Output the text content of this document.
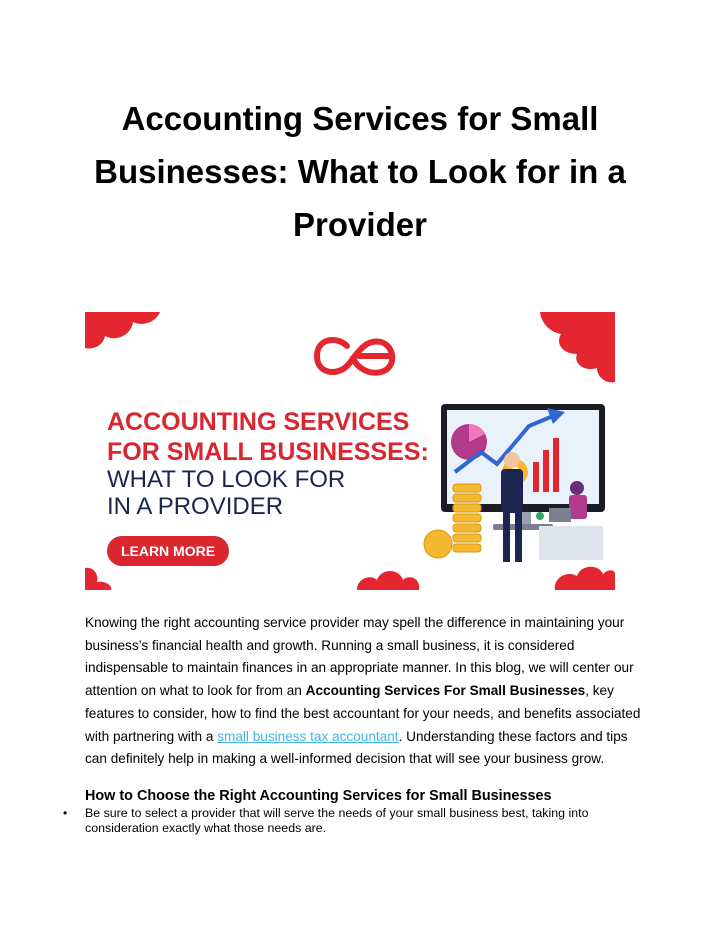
Accounting Services for Small Businesses: What to Look for in a Provider
ACCOUNTING SERVICES
FOR SMALL BUSINESSES:
WHAT TO LOOK FOR
IN A PROVIDER
LEARN MORE

Knowing the right accounting service provider may spell the difference in maintaining your business’s financial health and growth. Running a small business, it is considered indispensable to maintain finances in an appropriate manner. In this blog, we will center our attention on what to look for from an Accounting Services For Small Businesses, key features to consider, how to find the best accountant for your needs, and benefits associated with partnering with a small business tax accountant. Understanding these factors and tips can definitely help in making a well-informed decision that will see your business grow.

How to Choose the Right Accounting Services for Small Businesses
• Be sure to select a provider that will serve the needs of your small business best, taking into consideration exactly what those needs are.
